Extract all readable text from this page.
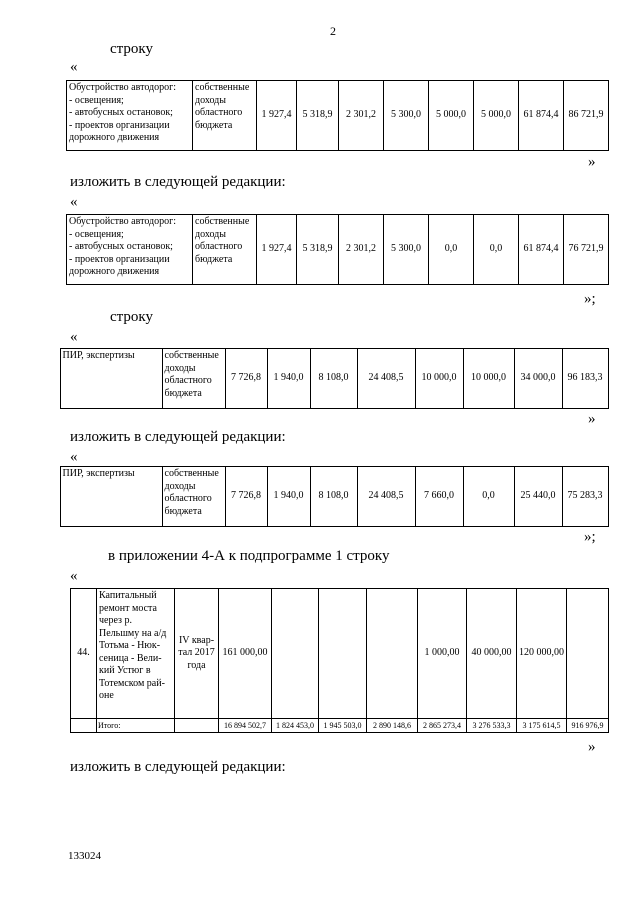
2
строку
«
Обустройство автодорог:
- освещения;
- автобусных остановок;
- проектов организации дорожного движения
	собственные доходы областного бюджета	1 927,4	5 318,9	2 301,2	5 300,0	5 000,0	5 000,0	61 874,4	86 721,9
»
изложить в следующей редакции:
«
Обустройство автодорог:
- освещения;
- автобусных остановок;
- проектов организации дорожного движения
	собственные доходы областного бюджета	1 927,4	5 318,9	2 301,2	5 300,0	0,0	0,0	61 874,4	76 721,9
»;
строку
«
	ПИР, экспертизы	собственные доходы областного бюджета	7 726,8	1 940,0	8 108,0	24 408,5	10 000,0	10 000,0	34 000,0	96 183,3
»
изложить в следующей редакции:
«
	ПИР, экспертизы	собственные доходы областного бюджета	7 726,8	1 940,0	8 108,0	24 408,5	7 660,0	0,0	25 440,0	75 283,3
»;
в приложении 4-А к подпрограмме 1 строку
«
44.	Капитальный ремонт моста через р. Пельшму на а/д Тотьма - Нюк-сеница - Вели-кий Устюг в Тотемском рай-оне	IV квар-тал 2017 года	161 000,00				1 000,00	40 000,00	120 000,00	
	Итого:		16 894 502,7	1 824 453,0	1 945 503,0	2 890 148,6	2 865 273,4	3 276 533,3	3 175 614,5	916 976,9
»
изложить в следующей редакции:
133024
